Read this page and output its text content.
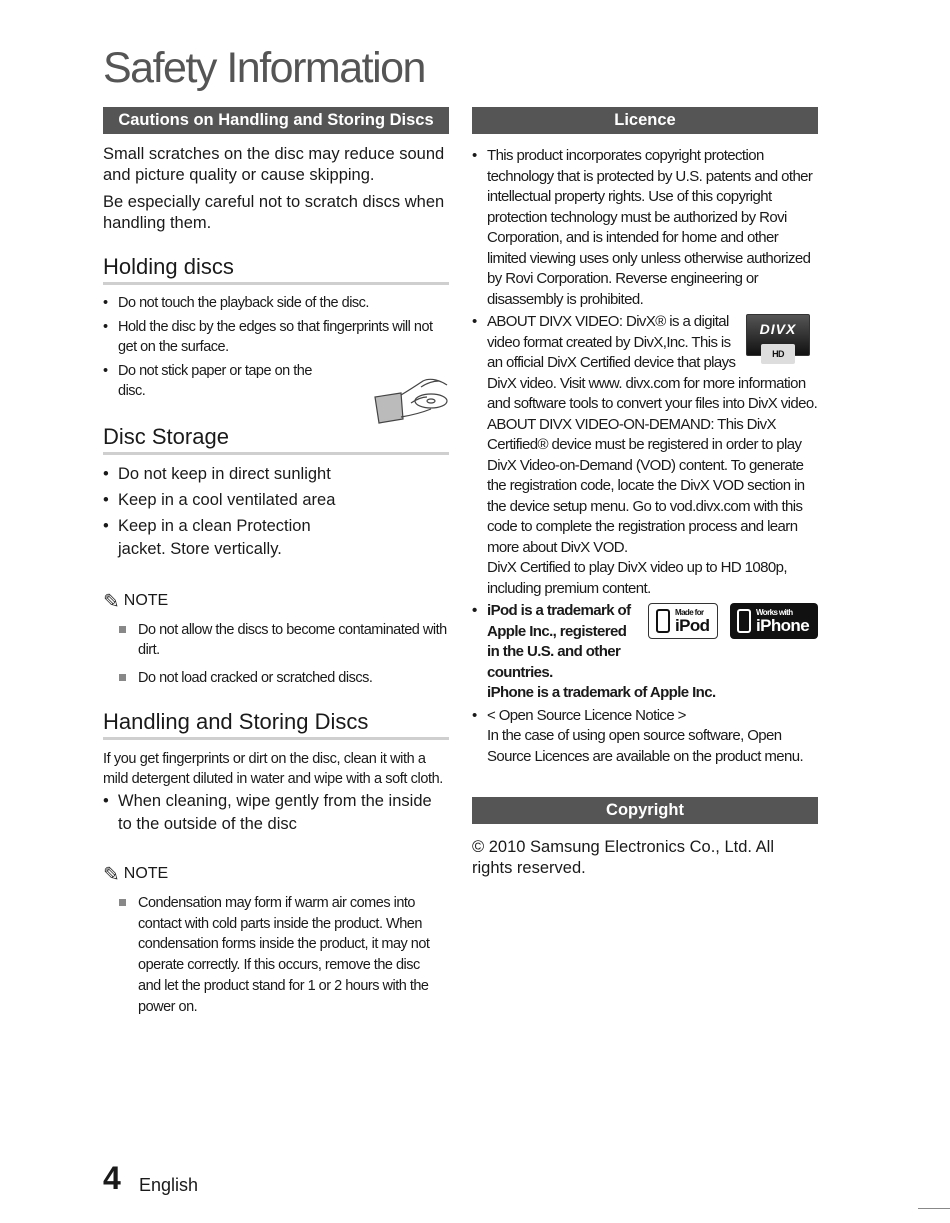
Safety Information
Cautions on Handling and Storing Discs

Small scratches on the disc may reduce sound and picture quality or cause skipping.

Be especially careful not to scratch discs when handling them.

Holding discs
• Do not touch the playback side of the disc.
• Hold the disc by the edges so that fingerprints will not get on the surface.
• Do not stick paper or tape on the disc.
Disc Storage
• Do not keep in direct sunlight
• Keep in a cool ventilated area
• Keep in a clean Protection jacket. Store vertically.
✎ NOTE
Do not allow the discs to become contaminated with dirt.
Do not load cracked or scratched discs.
Handling and Storing Discs
If you get fingerprints or dirt on the disc, clean it with a mild detergent diluted in water and wipe with a soft cloth.
• When cleaning, wipe gently from the inside to the outside of the disc
✎ NOTE
Condensation may form if warm air comes into contact with cold parts inside the product. When condensation forms inside the product, it may not operate correctly. If this occurs, remove the disc and let the product stand for 1 or 2 hours with the power on.
Licence
• This product incorporates copyright protection technology that is protected by U.S. patents and other intellectual property rights. Use of this copyright protection technology must be authorized by Rovi Corporation, and is intended for home and other limited viewing uses only unless otherwise authorized by Rovi Corporation. Reverse engineering or disassembly is prohibited.
• DIVX
HD
ABOUT DIVX VIDEO: DivX® is a digital video format created by DivX,Inc. This is an official DivX Certified device that plays DivX video. Visit www. divx.com for more information and software tools to convert your files into DivX video.
ABOUT DIVX VIDEO-ON-DEMAND: This DivX Certified® device must be registered in order to play DivX Video-on-Demand (VOD) content. To generate the registration code, locate the DivX VOD section in the device setup menu. Go to vod.divx.com with this code to complete the registration process and learn more about DivX VOD.
DivX Certified to play DivX video up to HD 1080p, including premium content.
• Made for
iPod
Works with
iPhone
iPod is a trademark of Apple Inc., registered in the U.S. and other countries.
iPhone is a trademark of Apple Inc.
• < Open Source Licence Notice >
In the case of using open source software, Open Source Licences are available on the product menu.
Copyright
© 2010 Samsung Electronics Co., Ltd. All rights reserved.
4 English
